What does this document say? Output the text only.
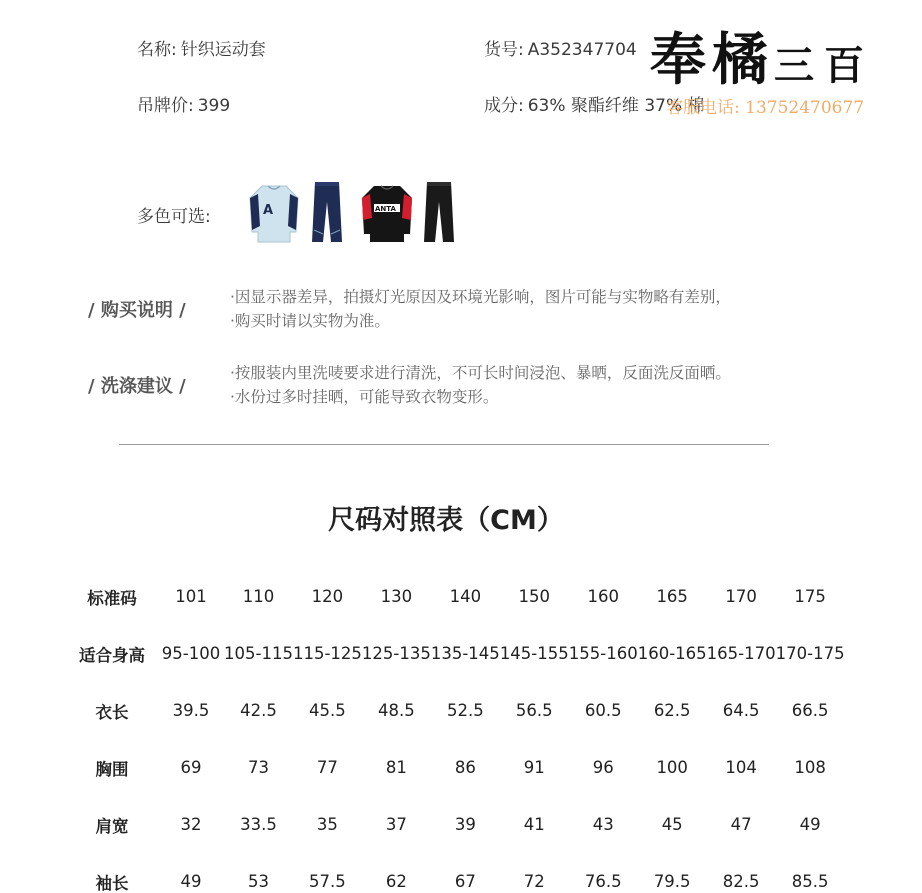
名称: 针织运动套	货号: A352347704
吊牌价: 399	成分: 63% 聚酯纤维 37% 棉
奉橘三百
客服电话: 13752470677
多色可选:	A	ANTA
/ 购买说明 /
·因显示器差异，拍摄灯光原因及环境光影响，图片可能与实物略有差别，
·购买时请以实物为准。
/ 洗涤建议 /
·按服装内里洗唛要求进行清洗，不可长时间浸泡、暴晒，反面洗反面晒。
·水份过多时挂晒，可能导致衣物变形。
尺码对照表（CM）
标准码	101	110	120	130	140	150	160	165	170	175
适合身高	95-100	105-115	115-125	125-135	135-145	145-155	155-160	160-165	165-170	170-175
衣长	39.5	42.5	45.5	48.5	52.5	56.5	60.5	62.5	64.5	66.5
胸围	69	73	77	81	86	91	96	100	104	108
肩宽	32	33.5	35	37	39	41	43	45	47	49
袖长	49	53	57.5	62	67	72	76.5	79.5	82.5	85.5
